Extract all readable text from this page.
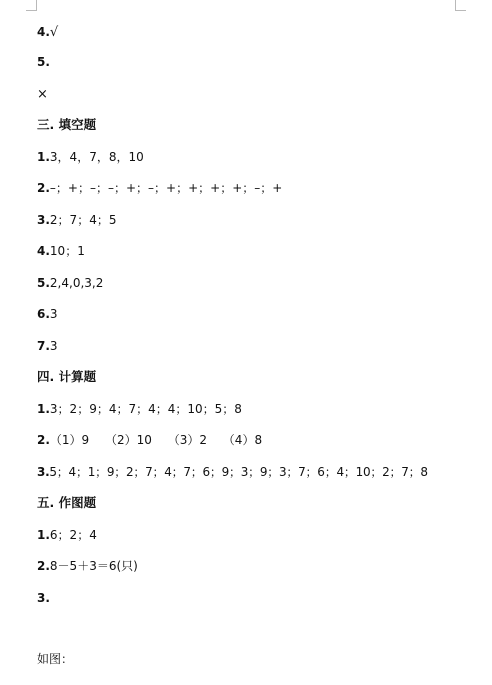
4.√
5.
×
三. 填空题
1.3，4，7，8，10
2.–；+；–；–；+；–；+；+；+；+；–；+
3.2；7；4；5
4.10；1
5.2,4,0,3,2
6.3
7.3
四. 计算题
1.3；2；9；4；7；4；4；10；5；8
2.（1）9　 （2）10　 （3）2　 （4）8
3.5；4；1；9；2；7；4；7；6；9；3；9；3；7；6；4；10；2；7；8
五. 作图题
1.6；2；4
2.8－5＋3＝6(只)
3.
如图：
